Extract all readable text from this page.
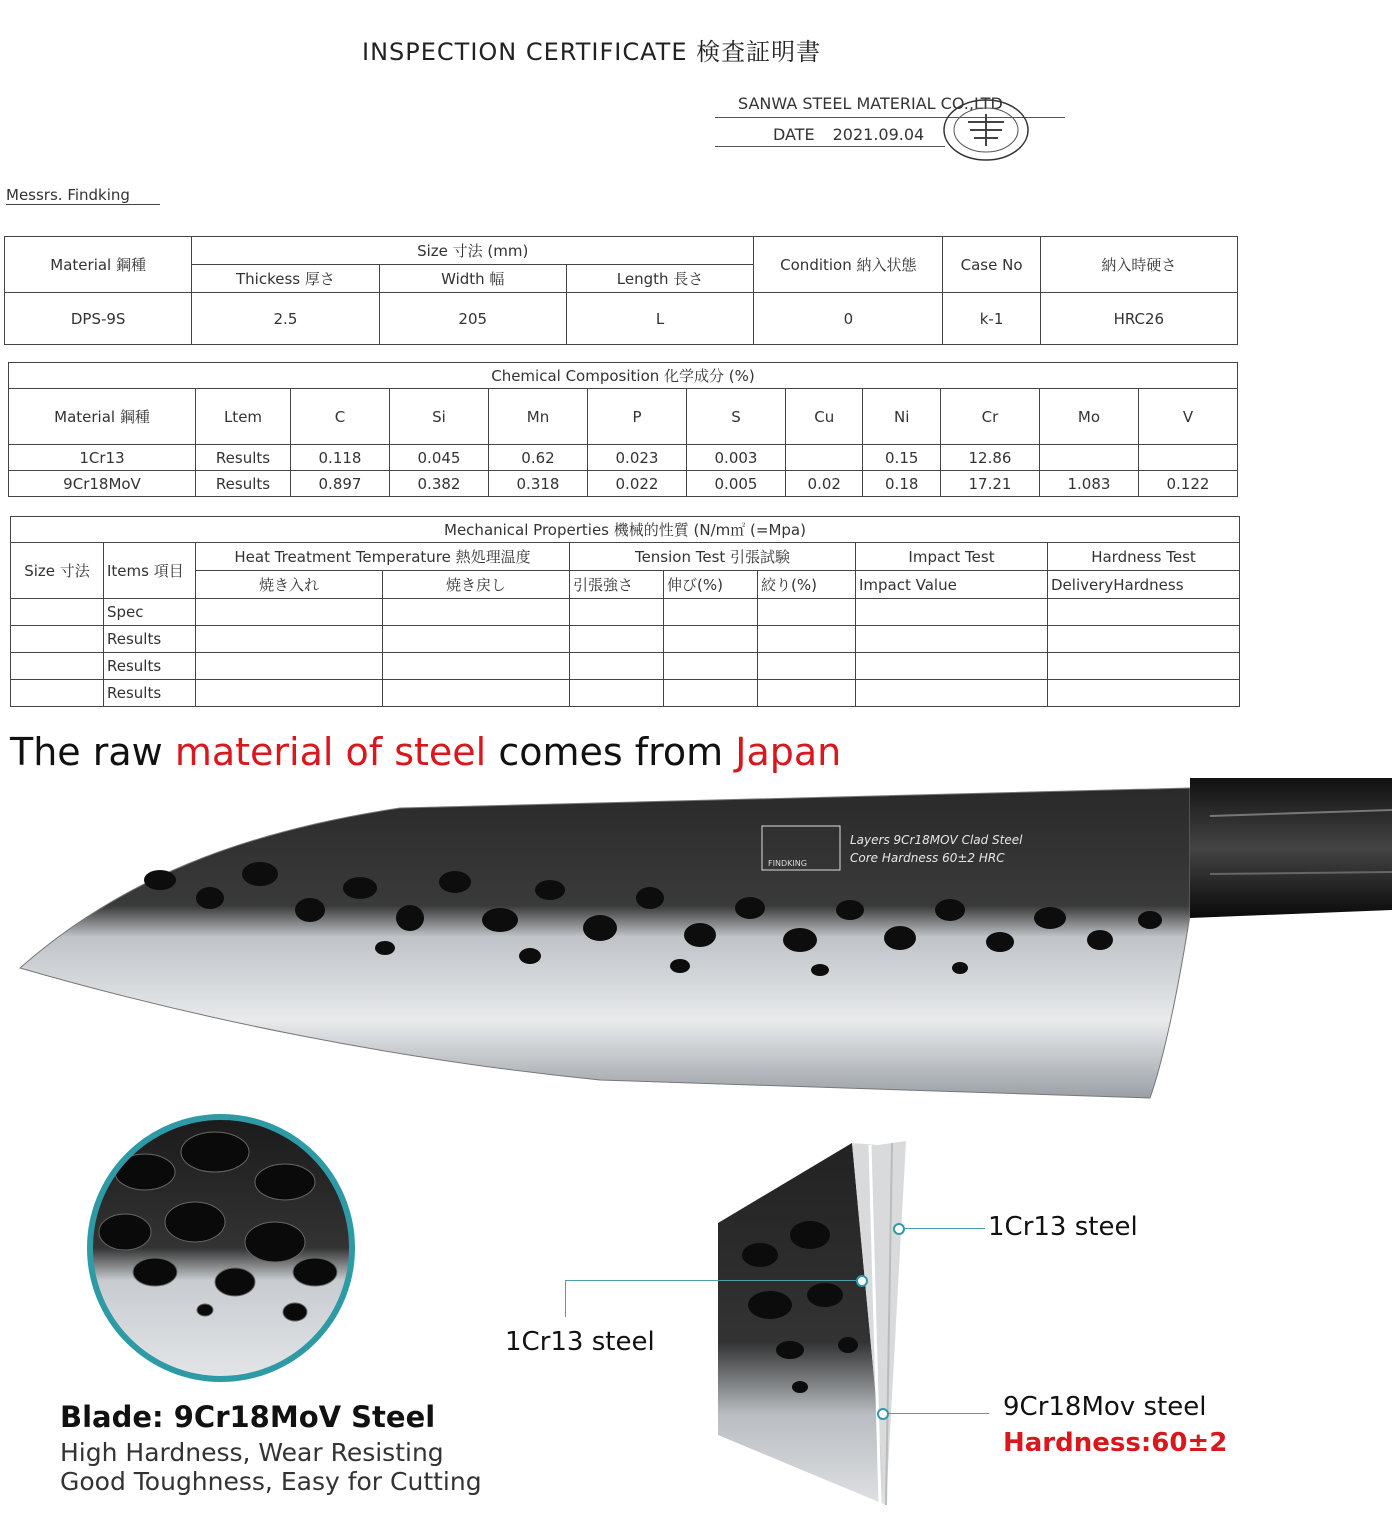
INSPECTION CERTIFICATE 検査証明書
SANWA STEEL MATERIAL CO.,LTD
DATE 2021.09.04
Messrs. Findking
Material 鋼種	Size 寸法 (mm)			Condition 納入状態	Case No	納入時硬さ
	Thickess 厚さ	Width 幅	Length 長さ			
DPS-9S	2.5	205	L	0	k-1	HRC26
Chemical Composition 化学成分 (%)											
Material 鋼種	Ltem	C	Si	Mn	P	S	Cu	Ni	Cr	Mo	V
1Cr13	Results	0.118	0.045	0.62	0.023	0.003		0.15	12.86		
9Cr18MoV	Results	0.897	0.382	0.318	0.022	0.005	0.02	0.18	17.21	1.083	0.122
Mechanical Properties 機械的性質 (N/m㎡ (=Mpa)								
Size 寸法	Items 項目	Heat Treatment Temperature 熱処理温度		Tension Test 引張試験			Impact Test	Hardness Test
		焼き入れ	焼き戻し	引張強さ	伸び(%)	絞り(%)	Impact Value	DeliveryHardness
	Spec							
	Results							
	Results							
	Results							
The raw material of steel comes from Japan
Layers 9Cr18MOV Clad Steel
Core Hardness 60±2 HRC
FINDKING
1Cr13 steel
1Cr13 steel
9Cr18Mov steel
Hardness:60±2
Blade: 9Cr18MoV Steel
High Hardness, Wear Resisting
Good Toughness, Easy for Cutting
